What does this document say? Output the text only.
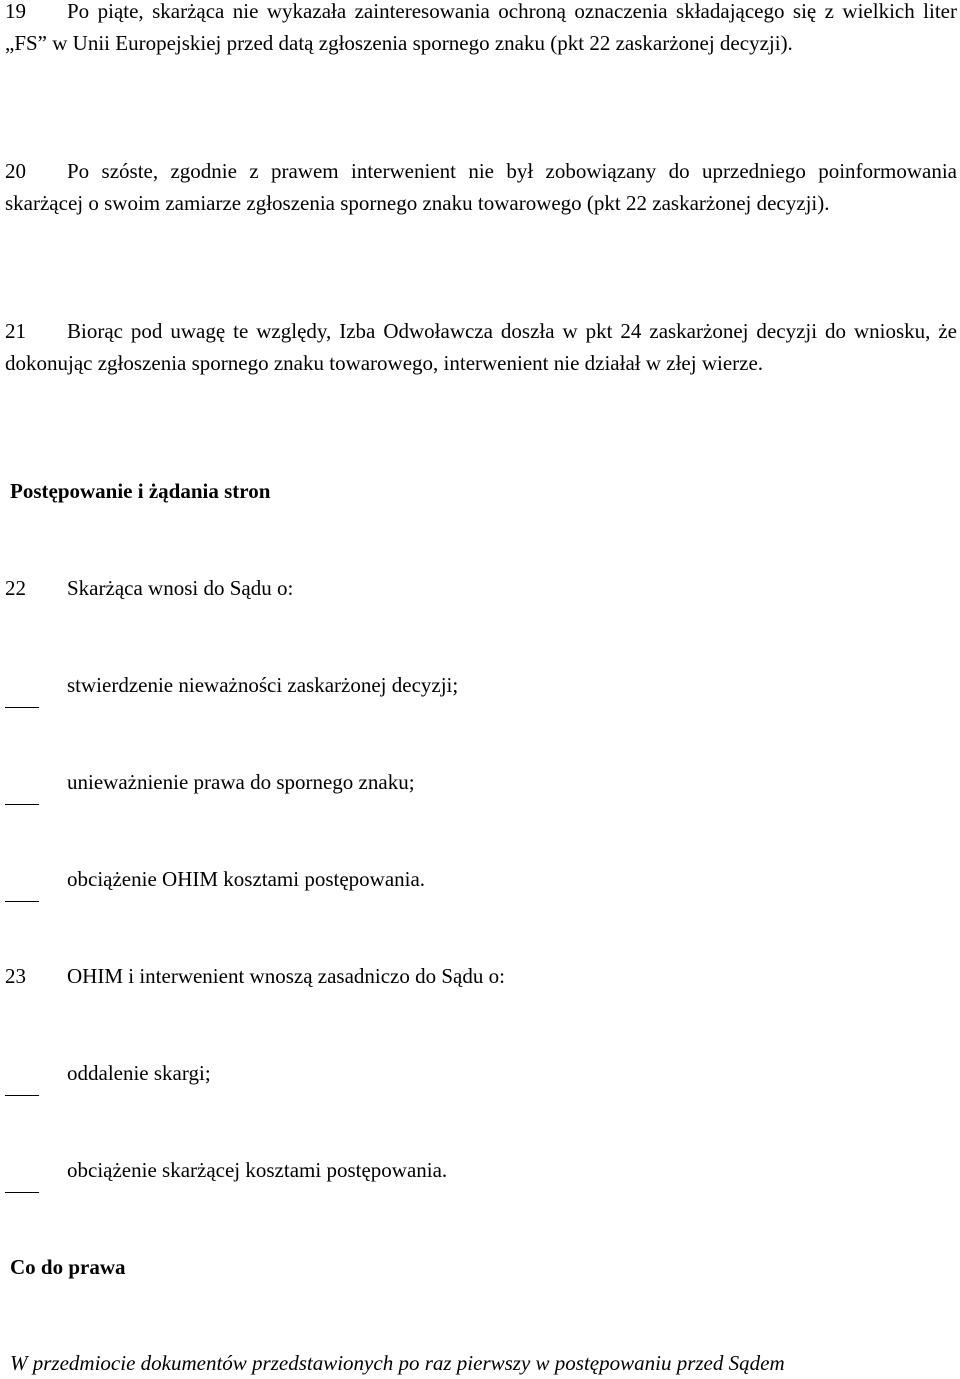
19 Po piąte, skarżąca nie wykazała zainteresowania ochroną oznaczenia składającego się z wielkich liter „FS” w Unii Europejskiej przed datą zgłoszenia spornego znaku (pkt 22 zaskarżonej decyzji).

20 Po szóste, zgodnie z prawem interwenient nie był zobowiązany do uprzedniego poinformowania skarżącej o swoim zamiarze zgłoszenia spornego znaku towarowego (pkt 22 zaskarżonej decyzji).

21 Biorąc pod uwagę te względy, Izba Odwoławcza doszła w pkt 24 zaskarżonej decyzji do wniosku, że dokonując zgłoszenia spornego znaku towarowego, interwenient nie działał w złej wierze.

Postępowanie i żądania stron

22 Skarżąca wnosi do Sądu o:

stwierdzenie nieważności zaskarżonej decyzji;

unieważnienie prawa do spornego znaku;

obciążenie OHIM kosztami postępowania.

23 OHIM i interwenient wnoszą zasadniczo do Sądu o:

oddalenie skargi;

obciążenie skarżącej kosztami postępowania.

Co do prawa

W przedmiocie dokumentów przedstawionych po raz pierwszy w postępowaniu przed Sądem
